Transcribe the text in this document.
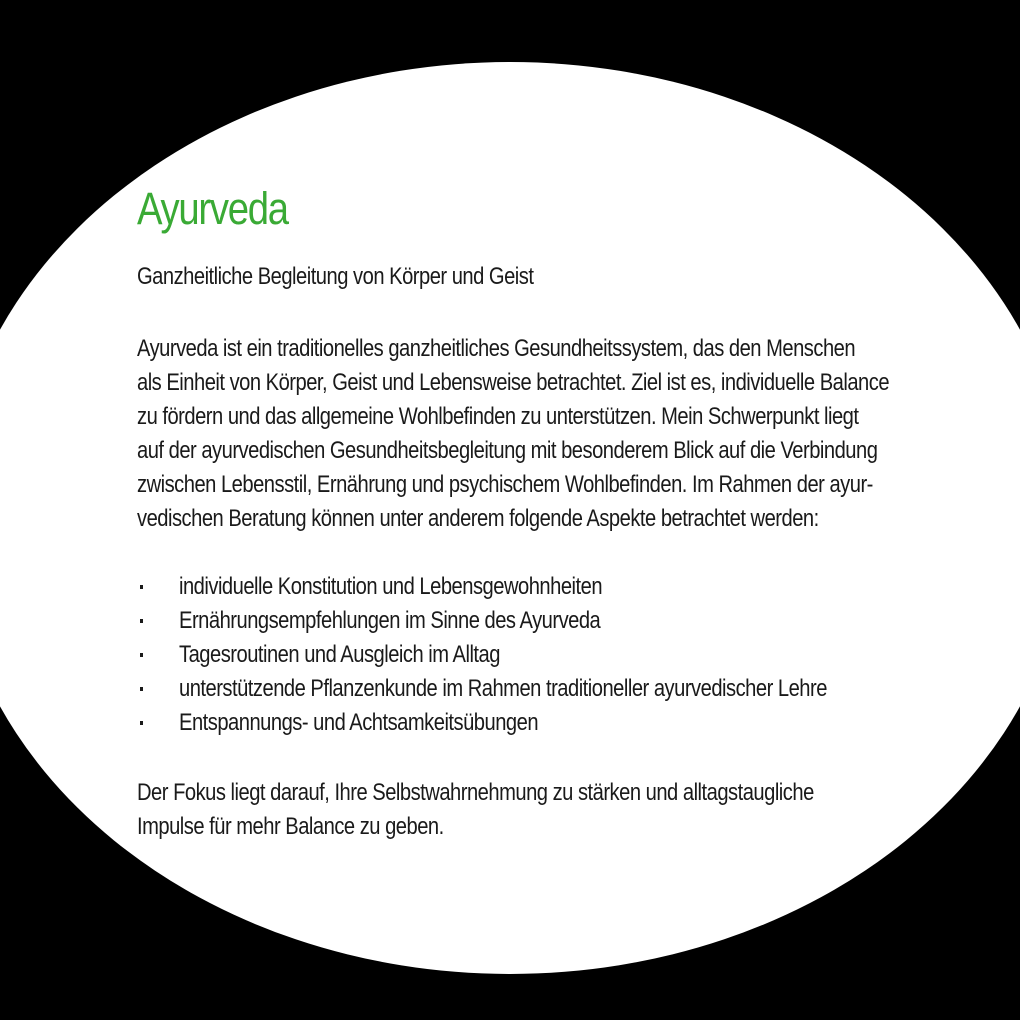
Ayurveda

Ganzheitliche Begleitung von Körper und Geist

Ayurveda ist ein traditionelles ganzheitliches Gesundheitssystem, das den Menschen
als Einheit von Körper, Geist und Lebensweise betrachtet. Ziel ist es, individuelle Balance
zu fördern und das allgemeine Wohlbefinden zu unterstützen. Mein Schwerpunkt liegt
auf der ayurvedischen Gesundheitsbegleitung mit besonderem Blick auf die Verbindung
zwischen Lebensstil, Ernährung und psychischem Wohlbefinden. Im Rahmen der ayur-
vedischen Beratung können unter anderem folgende Aspekte betrachtet werden:

individuelle Konstitution und Lebensgewohnheiten
Ernährungsempfehlungen im Sinne des Ayurveda
Tagesroutinen und Ausgleich im Alltag
unterstützende Pflanzenkunde im Rahmen traditioneller ayurvedischer Lehre
Entspannungs- und Achtsamkeitsübungen

Der Fokus liegt darauf, Ihre Selbstwahrnehmung zu stärken und alltagstaugliche
Impulse für mehr Balance zu geben.
